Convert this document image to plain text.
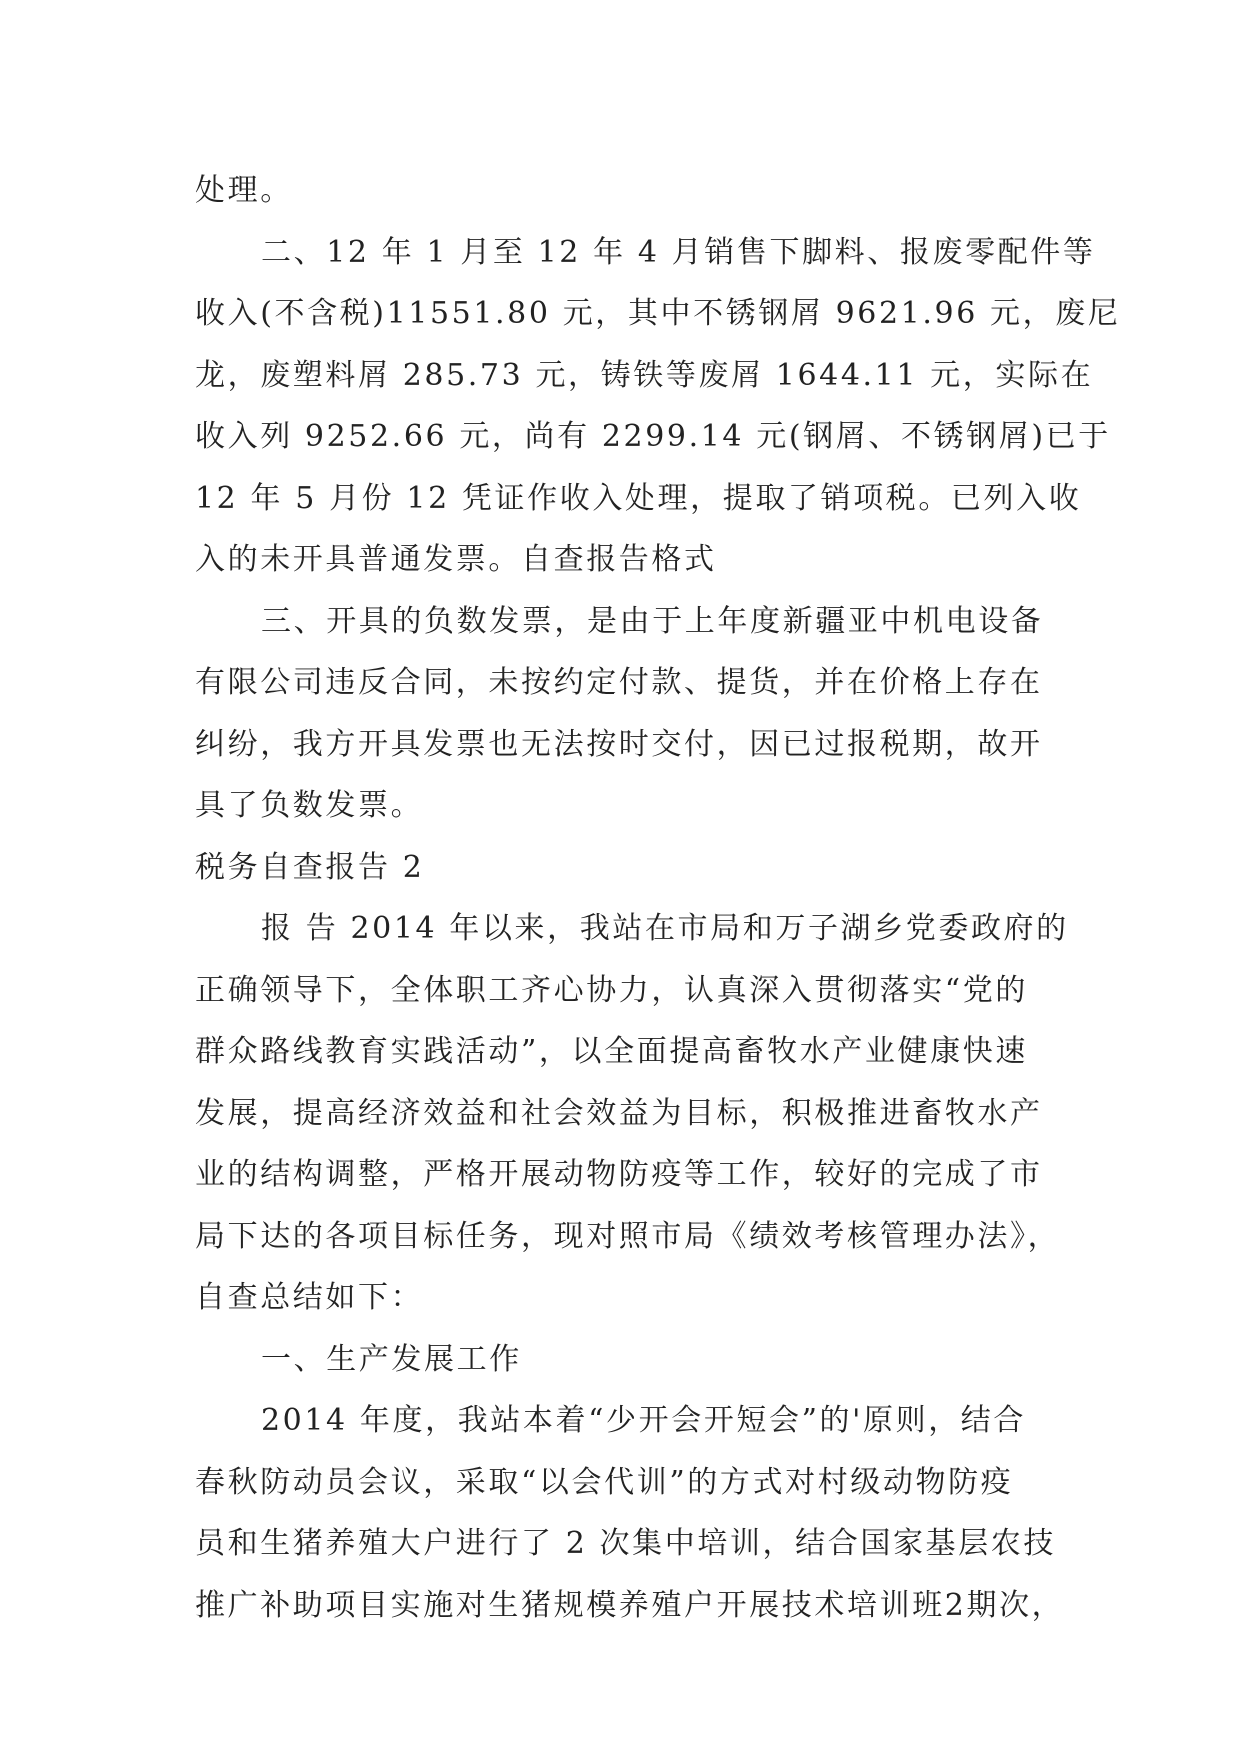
处理。
二、12 年 1 月至 12 年 4 月销售下脚料、报废零配件等
收入(不含税)11551.80 元，其中不锈钢屑 9621.96 元，废尼
龙，废塑料屑 285.73 元，铸铁等废屑 1644.11 元，实际在
收入列 9252.66 元，尚有 2299.14 元(钢屑、不锈钢屑)已于
12 年 5 月份 12 凭证作收入处理，提取了销项税。已列入收
入的未开具普通发票。自查报告格式
三、开具的负数发票，是由于上年度新疆亚中机电设备
有限公司违反合同，未按约定付款、提货，并在价格上存在
纠纷，我方开具发票也无法按时交付，因已过报税期，故开
具了负数发票。
税务自查报告 2
报 告 2014 年以来，我站在市局和万子湖乡党委政府的
正确领导下，全体职工齐心协力，认真深入贯彻落实“党的
群众路线教育实践活动”，以全面提高畜牧水产业健康快速
发展，提高经济效益和社会效益为目标，积极推进畜牧水产
业的结构调整，严格开展动物防疫等工作，较好的完成了市
局下达的各项目标任务，现对照市局《绩效考核管理办法》，
自查总结如下：
一、生产发展工作
2014 年度，我站本着“少开会开短会”的'原则，结合
春秋防动员会议，采取“以会代训”的方式对村级动物防疫
员和生猪养殖大户进行了 2 次集中培训，结合国家基层农技
推广补助项目实施对生猪规模养殖户开展技术培训班2期次，
